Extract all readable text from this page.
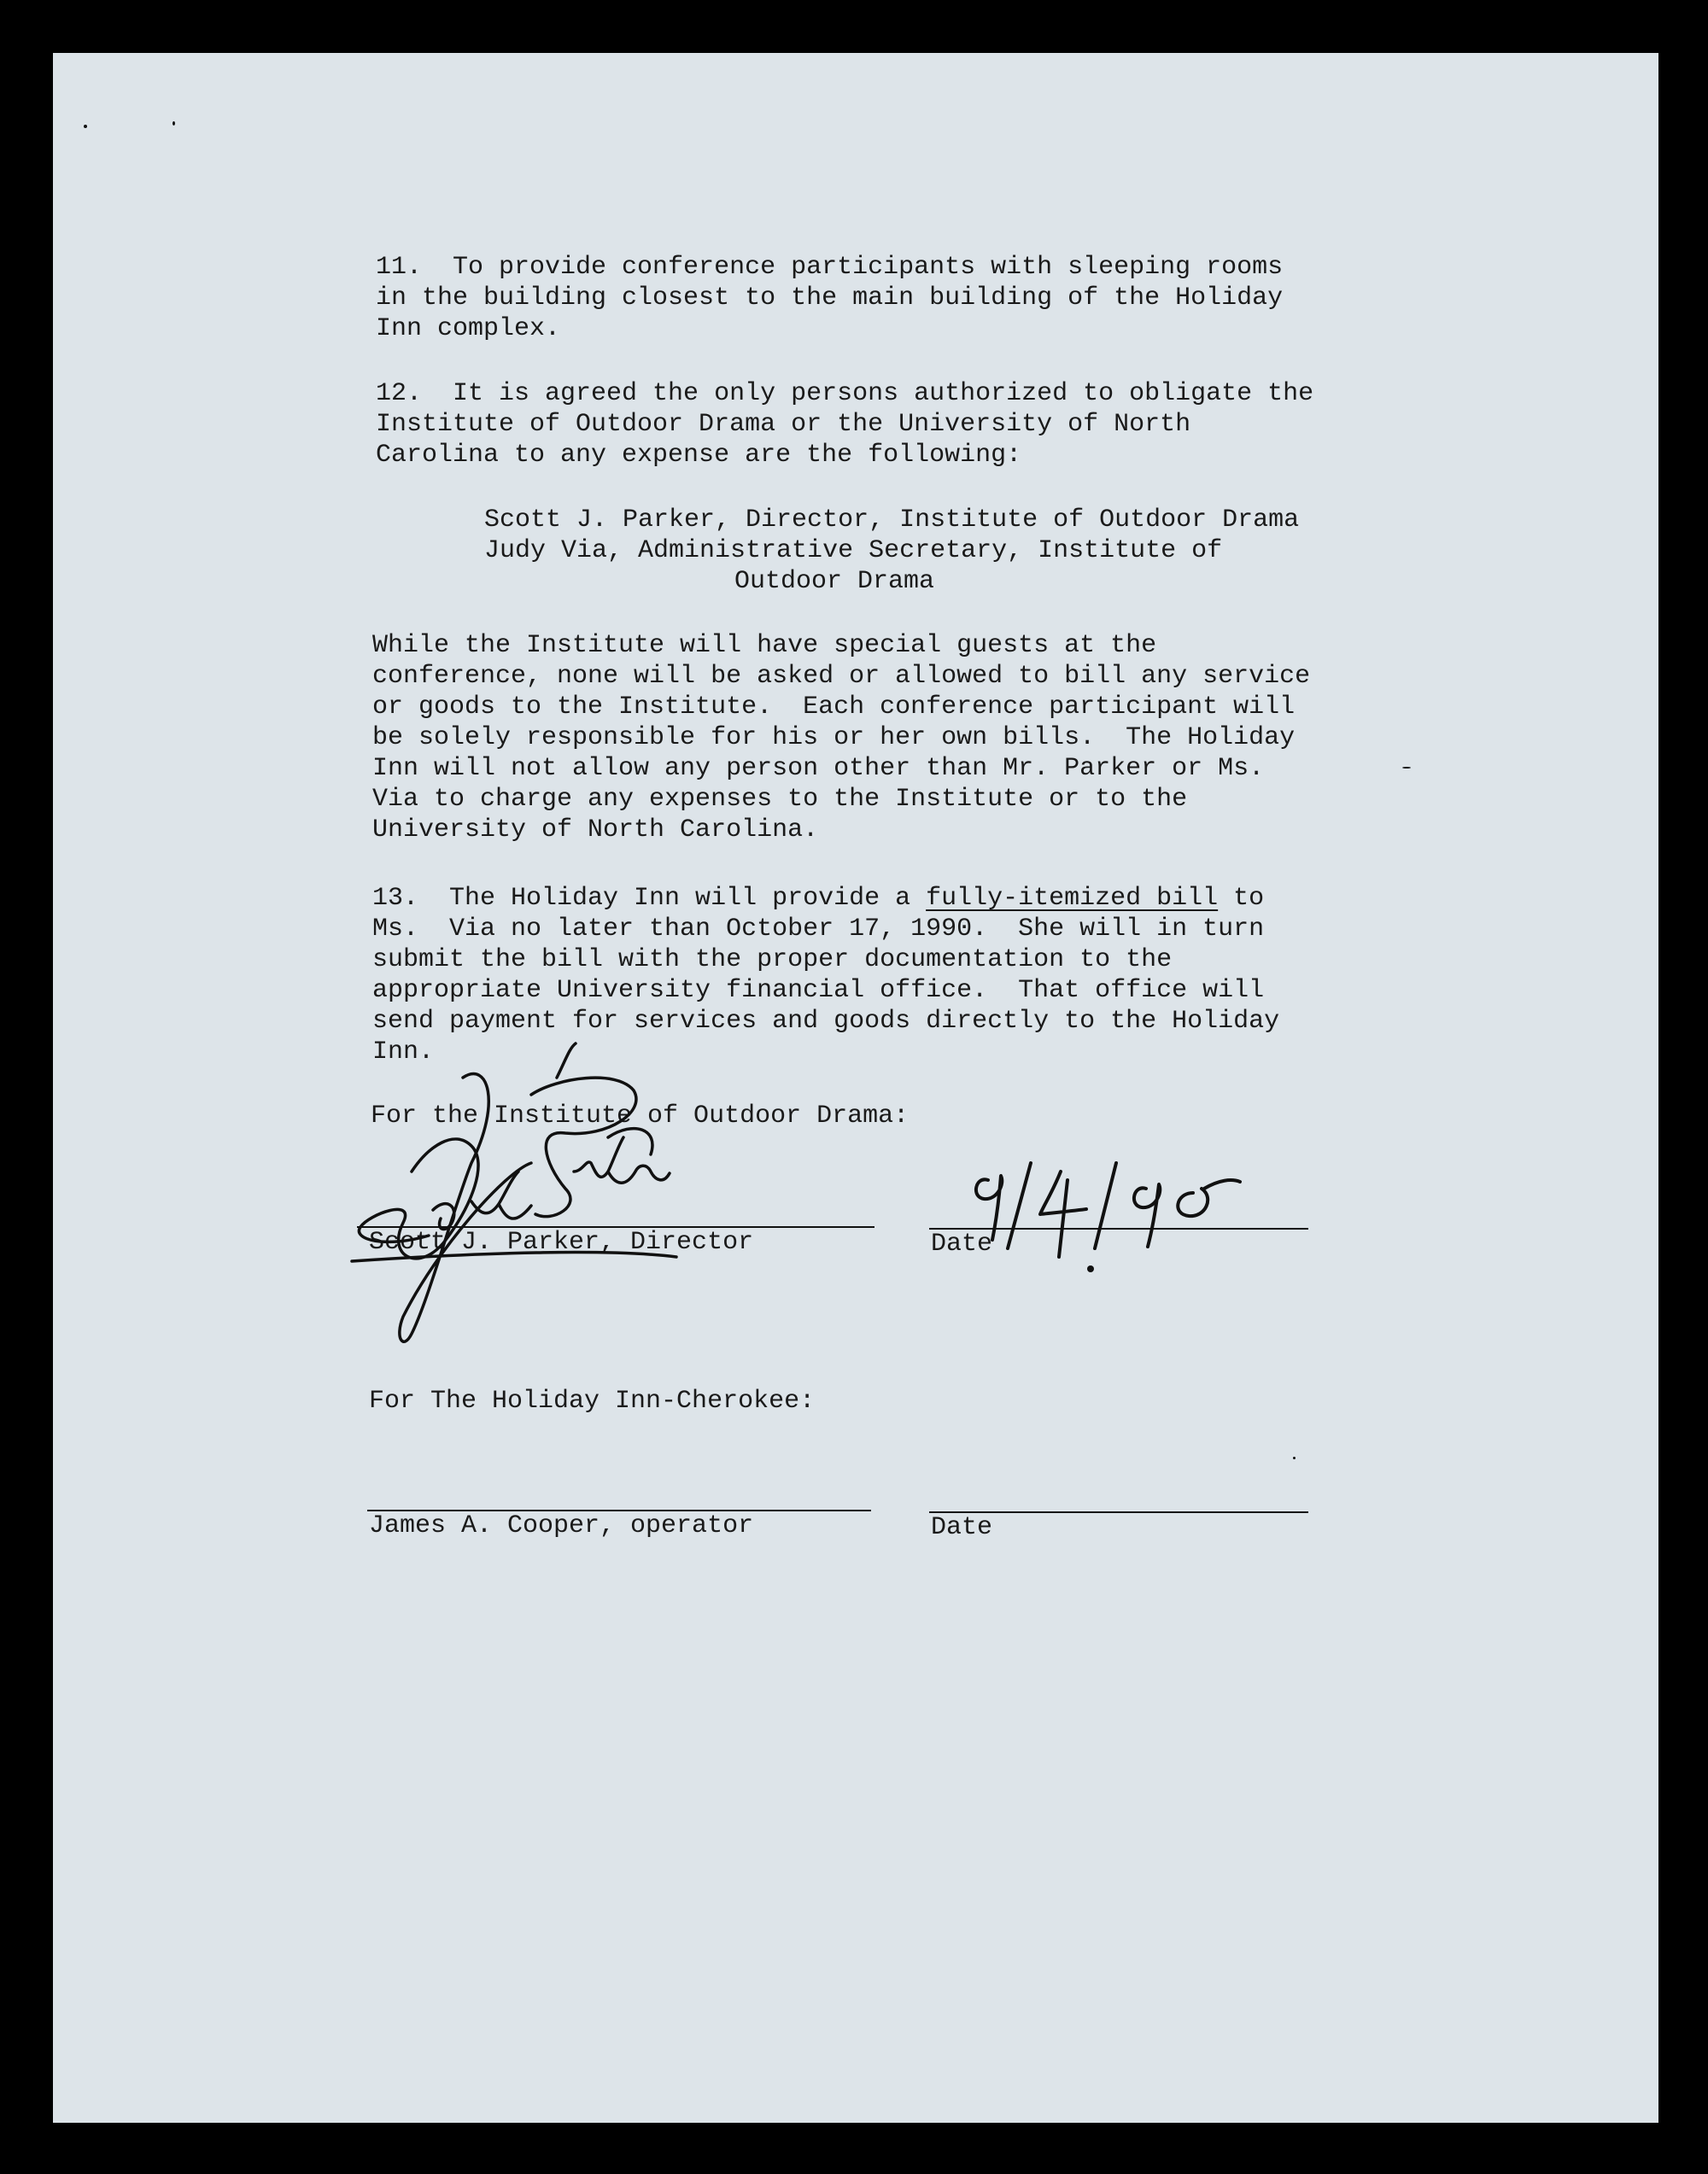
11.  To provide conference participants with sleeping rooms

in the building closest to the main building of the Holiday

Inn complex.

12.  It is agreed the only persons authorized to obligate the

Institute of Outdoor Drama or the University of North

Carolina to any expense are the following:

Scott J. Parker, Director, Institute of Outdoor Drama

Judy Via, Administrative Secretary, Institute of

Outdoor Drama

While the Institute will have special guests at the

conference, none will be asked or allowed to bill any service

or goods to the Institute.  Each conference participant will

be solely responsible for his or her own bills.  The Holiday

Inn will not allow any person other than Mr. Parker or Ms.

Via to charge any expenses to the Institute or to the

University of North Carolina.

13.  The Holiday Inn will provide a fully-itemized bill to

Ms.  Via no later than October 17, 1990.  She will in turn

submit the bill with the proper documentation to the

appropriate University financial office.  That office will

send payment for services and goods directly to the Holiday

Inn.

For the Institute of Outdoor Drama:
Scott J. Parker, Director	Date
For The Holiday Inn-Cherokee:
James A. Cooper, operator	Date
